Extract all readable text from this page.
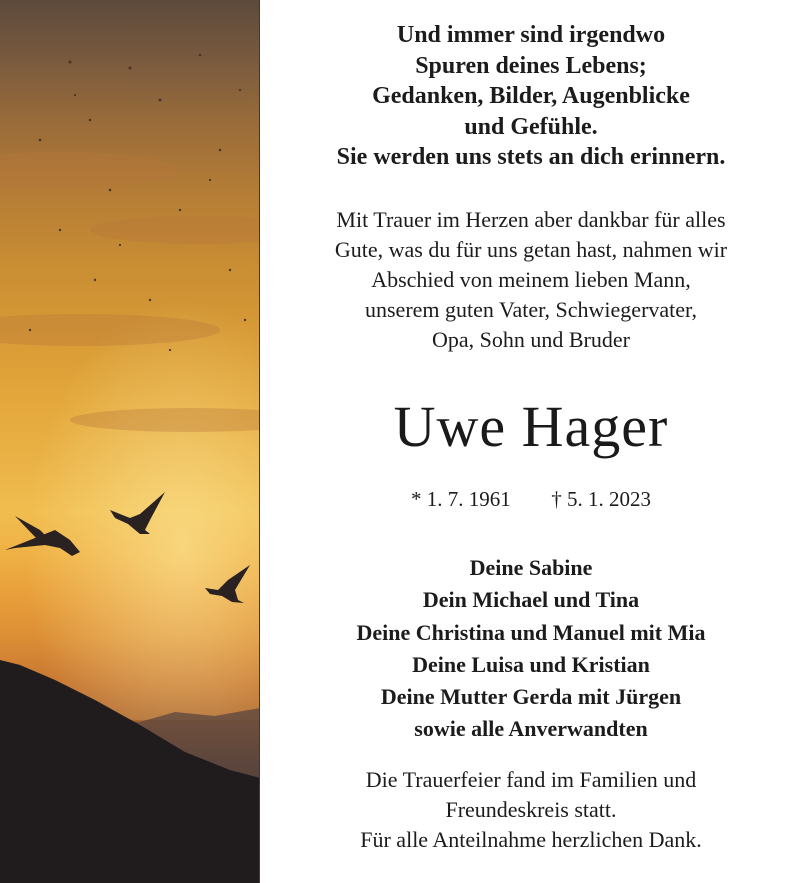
Und immer sind irgendwo
Spuren deines Lebens;
Gedanken, Bilder, Augenblicke
und Gefühle.
Sie werden uns stets an dich erinnern.
Mit Trauer im Herzen aber dankbar für alles
Gute, was du für uns getan hast, nahmen wir
Abschied von meinem lieben Mann,
unserem guten Vater, Schwiegervater,
Opa, Sohn und Bruder
Uwe Hager
* 1. 7. 1961 † 5. 1. 2023
Deine Sabine
Dein Michael und Tina
Deine Christina und Manuel mit Mia
Deine Luisa und Kristian
Deine Mutter Gerda mit Jürgen
sowie alle Anverwandten
Die Trauerfeier fand im Familien und
Freundeskreis statt.
Für alle Anteilnahme herzlichen Dank.
